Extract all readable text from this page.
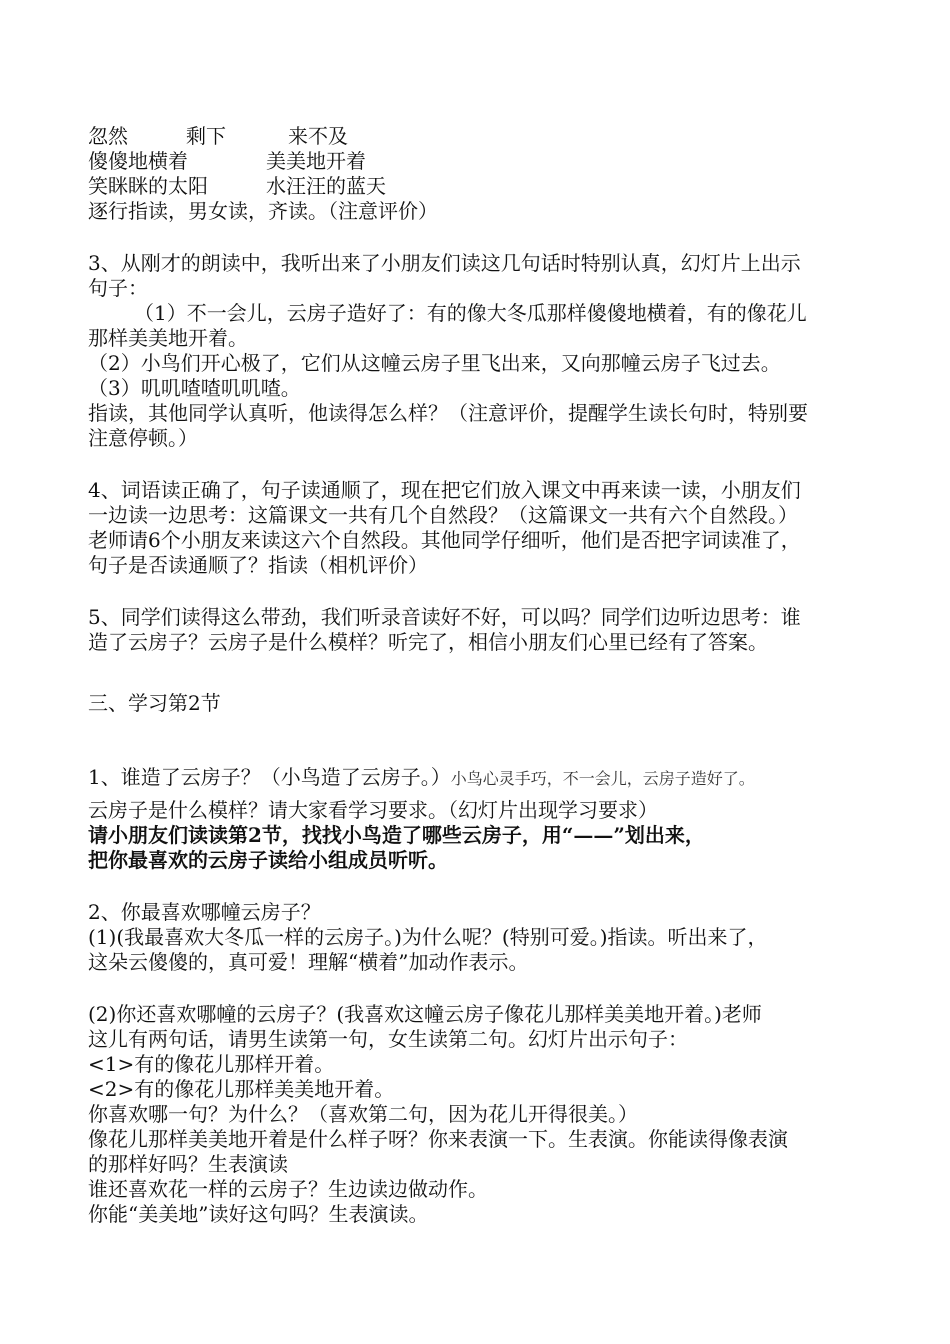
忽然	剩下	来不及
傻傻地横着	美美地开着
笑眯眯的太阳	水汪汪的蓝天
逐行指读，男女读，齐读。（注意评价）
3、从刚才的朗读中，我听出来了小朋友们读这几句话时特别认真，幻灯片上出示
句子：
（1）不一会儿，云房子造好了：有的像大冬瓜那样傻傻地横着，有的像花儿
那样美美地开着。
（2）小鸟们开心极了，它们从这幢云房子里飞出来，又向那幢云房子飞过去。
（3）叽叽喳喳叽叽喳。
指读，其他同学认真听，他读得怎么样？（注意评价，提醒学生读长句时，特别要
注意停顿。）
4、词语读正确了，句子读通顺了，现在把它们放入课文中再来读一读，小朋友们
一边读一边思考：这篇课文一共有几个自然段？（这篇课文一共有六个自然段。）
老师请6个小朋友来读这六个自然段。其他同学仔细听，他们是否把字词读准了，
句子是否读通顺了？指读（相机评价）
5、同学们读得这么带劲，我们听录音读好不好，可以吗？同学们边听边思考：谁
造了云房子？云房子是什么模样？听完了，相信小朋友们心里已经有了答案。
三、学习第2节
1、谁造了云房子？（小鸟造了云房子。）小鸟心灵手巧，不一会儿，云房子造好了。
云房子是什么模样？请大家看学习要求。（幻灯片出现学习要求）
请小朋友们读读第2节，找找小鸟造了哪些云房子，用“——”划出来，
把你最喜欢的云房子读给小组成员听听。
2、你最喜欢哪幢云房子？
(1)(我最喜欢大冬瓜一样的云房子。)为什么呢？(特别可爱。)指读。听出来了，
这朵云傻傻的，真可爱！理解“横着”加动作表示。
(2)你还喜欢哪幢的云房子？(我喜欢这幢云房子像花儿那样美美地开着。)老师
这儿有两句话，请男生读第一句，女生读第二句。幻灯片出示句子：
<1>有的像花儿那样开着。
<2>有的像花儿那样美美地开着。
你喜欢哪一句？为什么？（喜欢第二句，因为花儿开得很美。）
像花儿那样美美地开着是什么样子呀？你来表演一下。生表演。你能读得像表演
的那样好吗？生表演读
谁还喜欢花一样的云房子？生边读边做动作。
你能“美美地”读好这句吗？生表演读。
